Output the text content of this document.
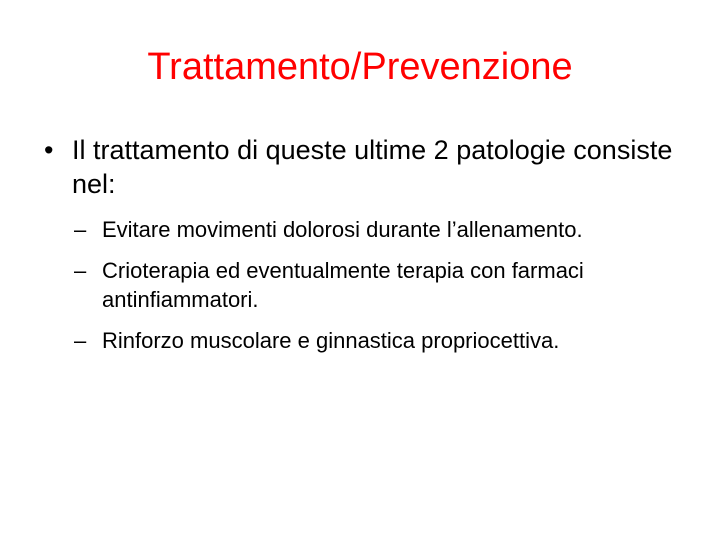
Trattamento/Prevenzione
• Il trattamento di queste ultime 2 patologie consiste nel:
– Evitare movimenti dolorosi durante l’allenamento.
– Crioterapia ed eventualmente terapia con farmaci antinfiammatori.
– Rinforzo muscolare e ginnastica propriocettiva.
